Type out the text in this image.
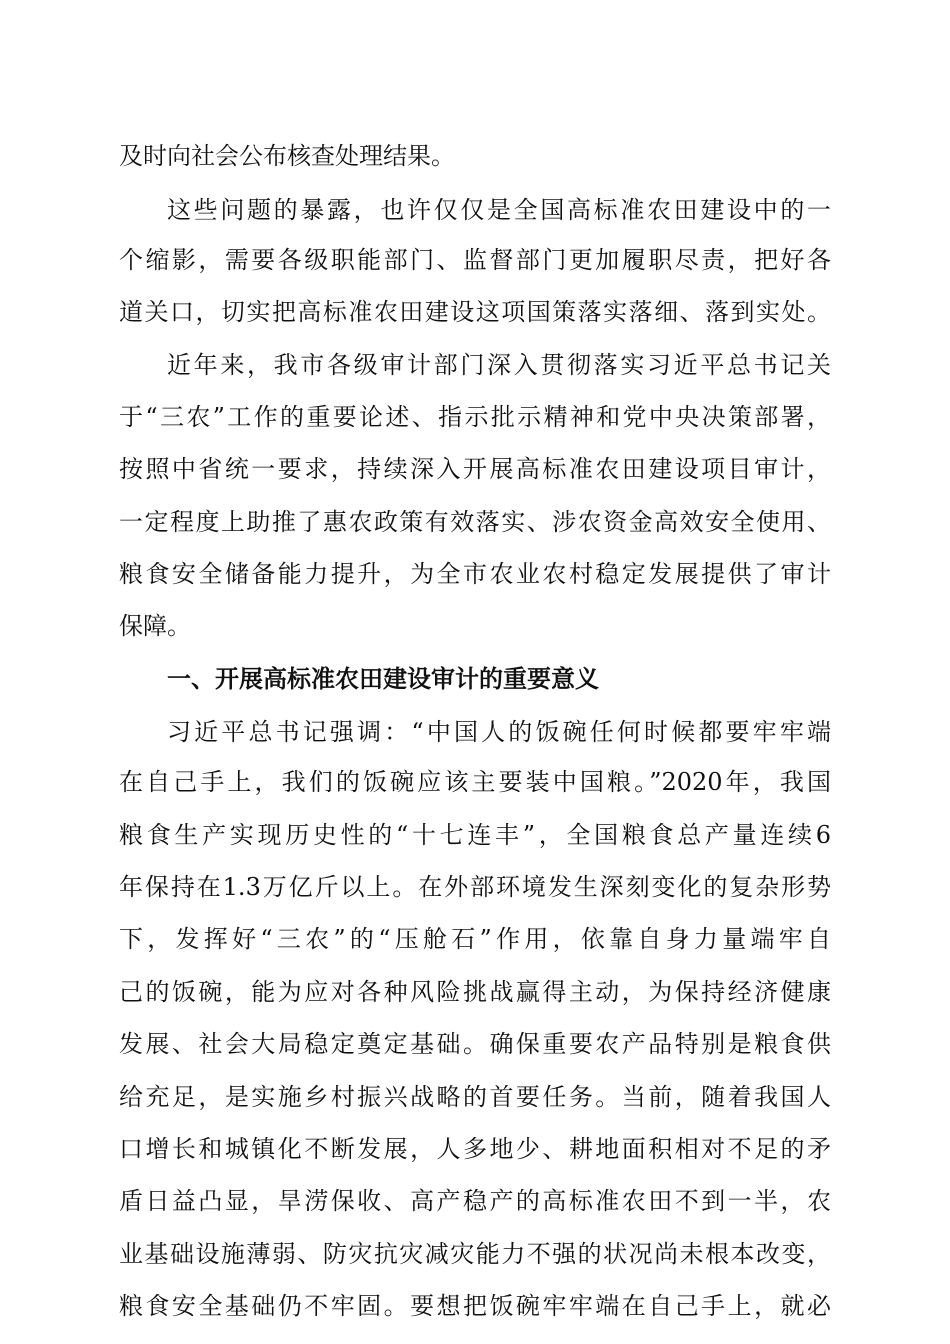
及时向社会公布核查处理结果。
这些问题的暴露，也许仅仅是全国高标准农田建设中的一
个缩影，需要各级职能部门、监督部门更加履职尽责，把好各
道关口，切实把高标准农田建设这项国策落实落细、落到实处。
近年来，我市各级审计部门深入贯彻落实习近平总书记关
于“三农”工作的重要论述、指示批示精神和党中央决策部署，
按照中省统一要求，持续深入开展高标准农田建设项目审计，
一定程度上助推了惠农政策有效落实、涉农资金高效安全使用、
粮食安全储备能力提升，为全市农业农村稳定发展提供了审计
保障。
一、开展高标准农田建设审计的重要意义
习近平总书记强调：“中国人的饭碗任何时候都要牢牢端
在自己手上，我们的饭碗应该主要装中国粮。”2020年，我国
粮食生产实现历史性的“十七连丰”，全国粮食总产量连续6
年保持在1.3万亿斤以上。在外部环境发生深刻变化的复杂形势
下，发挥好“三农”的“压舱石”作用，依靠自身力量端牢自
己的饭碗，能为应对各种风险挑战赢得主动，为保持经济健康
发展、社会大局稳定奠定基础。确保重要农产品特别是粮食供
给充足，是实施乡村振兴战略的首要任务。当前，随着我国人
口增长和城镇化不断发展，人多地少、耕地面积相对不足的矛
盾日益凸显，旱涝保收、高产稳产的高标准农田不到一半，农
业基础设施薄弱、防灾抗灾减灾能力不强的状况尚未根本改变，
粮食安全基础仍不牢固。要想把饭碗牢牢端在自己手上，就必
